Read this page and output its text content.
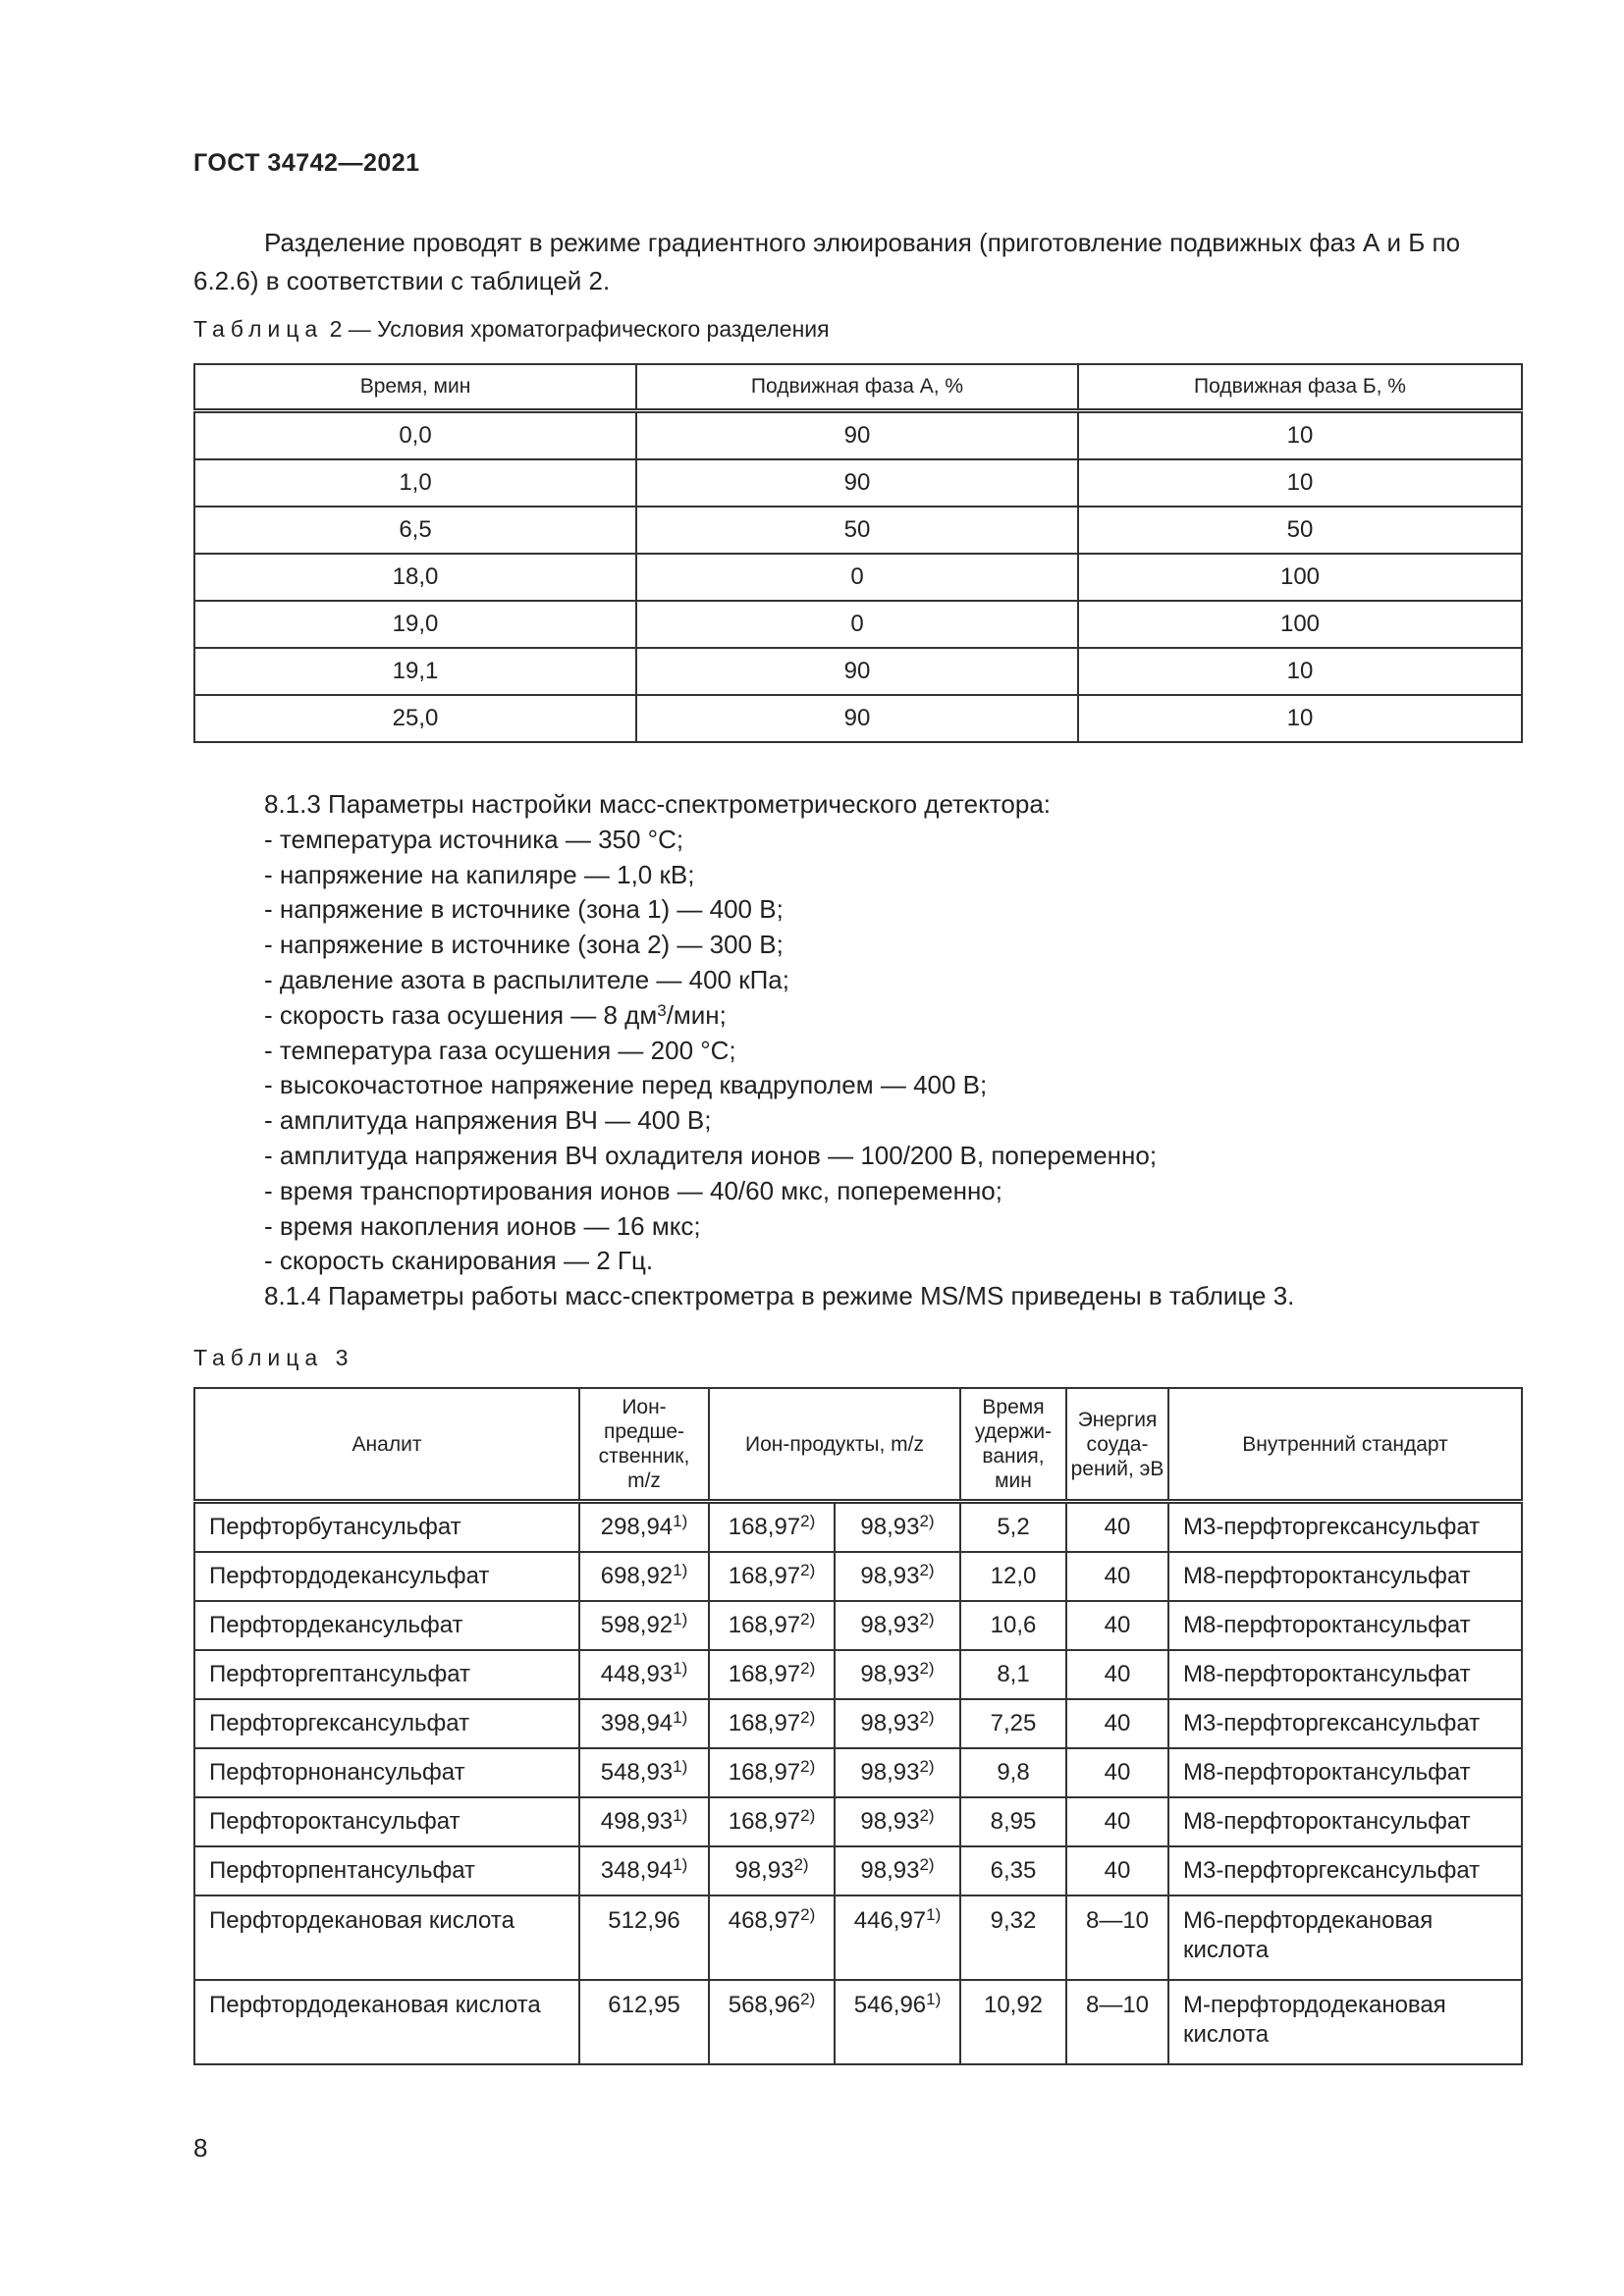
ГОСТ 34742—2021

Разделение проводят в режиме градиентного элюирования (приготовление подвижных фаз А и Б по 6.2.6) в соответствии с таблицей 2.

Таблица 2 — Условия хроматографического разделения
Время, мин	Подвижная фаза А, %	Подвижная фаза Б, %
0,0	90	10
1,0	90	10
6,5	50	50
18,0	0	100
19,0	0	100
19,1	90	10
25,0	90	10
8.1.3 Параметры настройки масс-спектрометрического детектора:
- температура источника — 350 °С;
- напряжение на капиляре — 1,0 кВ;
- напряжение в источнике (зона 1) — 400 В;
- напряжение в источнике (зона 2) — 300 В;
- давление азота в распылителе — 400 кПа;
- скорость газа осушения — 8 $дм^3$/мин;
- температура газа осушения — 200 °С;
- высокочастотное напряжение перед квадруполем — 400 В;
- амплитуда напряжения ВЧ — 400 В;
- амплитуда напряжения ВЧ охладителя ионов — 100/200 В, попеременно;
- время транспортирования ионов — 40/60 мкс, попеременно;
- время накопления ионов — 16 мкс;
- скорость сканирования — 2 Гц.
8.1.4 Параметры работы масс-спектрометра в режиме MS/MS приведены в таблице 3.
Таблица 3
Аналит	Ион-предше-ственник, m/z	Ион-продукты, m/z		Время удержи-вания, мин	Энергия соуда-рений, эВ	Внутренний стандарт
Перфторбутансульфат	298,94$^{1)}$	168,97$^{2)}$	98,93$^{2)}$	5,2	40	М3-перфторгексансульфат
Перфтордодекансульфат	698,92$^{1)}$	168,97$^{2)}$	98,93$^{2)}$	12,0	40	М8-перфтороктансульфат
Перфтордекансульфат	598,92$^{1)}$	168,97$^{2)}$	98,93$^{2)}$	10,6	40	М8-перфтороктансульфат
Перфторгептансульфат	448,93$^{1)}$	168,97$^{2)}$	98,93$^{2)}$	8,1	40	М8-перфтороктансульфат
Перфторгексансульфат	398,94$^{1)}$	168,97$^{2)}$	98,93$^{2)}$	7,25	40	М3-перфторгексансульфат
Перфторнонансульфат	548,93$^{1)}$	168,97$^{2)}$	98,93$^{2)}$	9,8	40	М8-перфтороктансульфат
Перфтороктансульфат	498,93$^{1)}$	168,97$^{2)}$	98,93$^{2)}$	8,95	40	М8-перфтороктансульфат
Перфторпентансульфат	348,94$^{1)}$	98,93$^{2)}$	98,93$^{2)}$	6,35	40	М3-перфторгексансульфат
Перфтордекановая кислота	512,96	468,97$^{2)}$	446,97$^{1)}$	9,32	8—10	М6-перфтордекановая кислота
Перфтордодекановая кислота	612,95	568,96$^{2)}$	546,96$^{1)}$	10,92	8—10	М-перфтордодекановая кислота
8
